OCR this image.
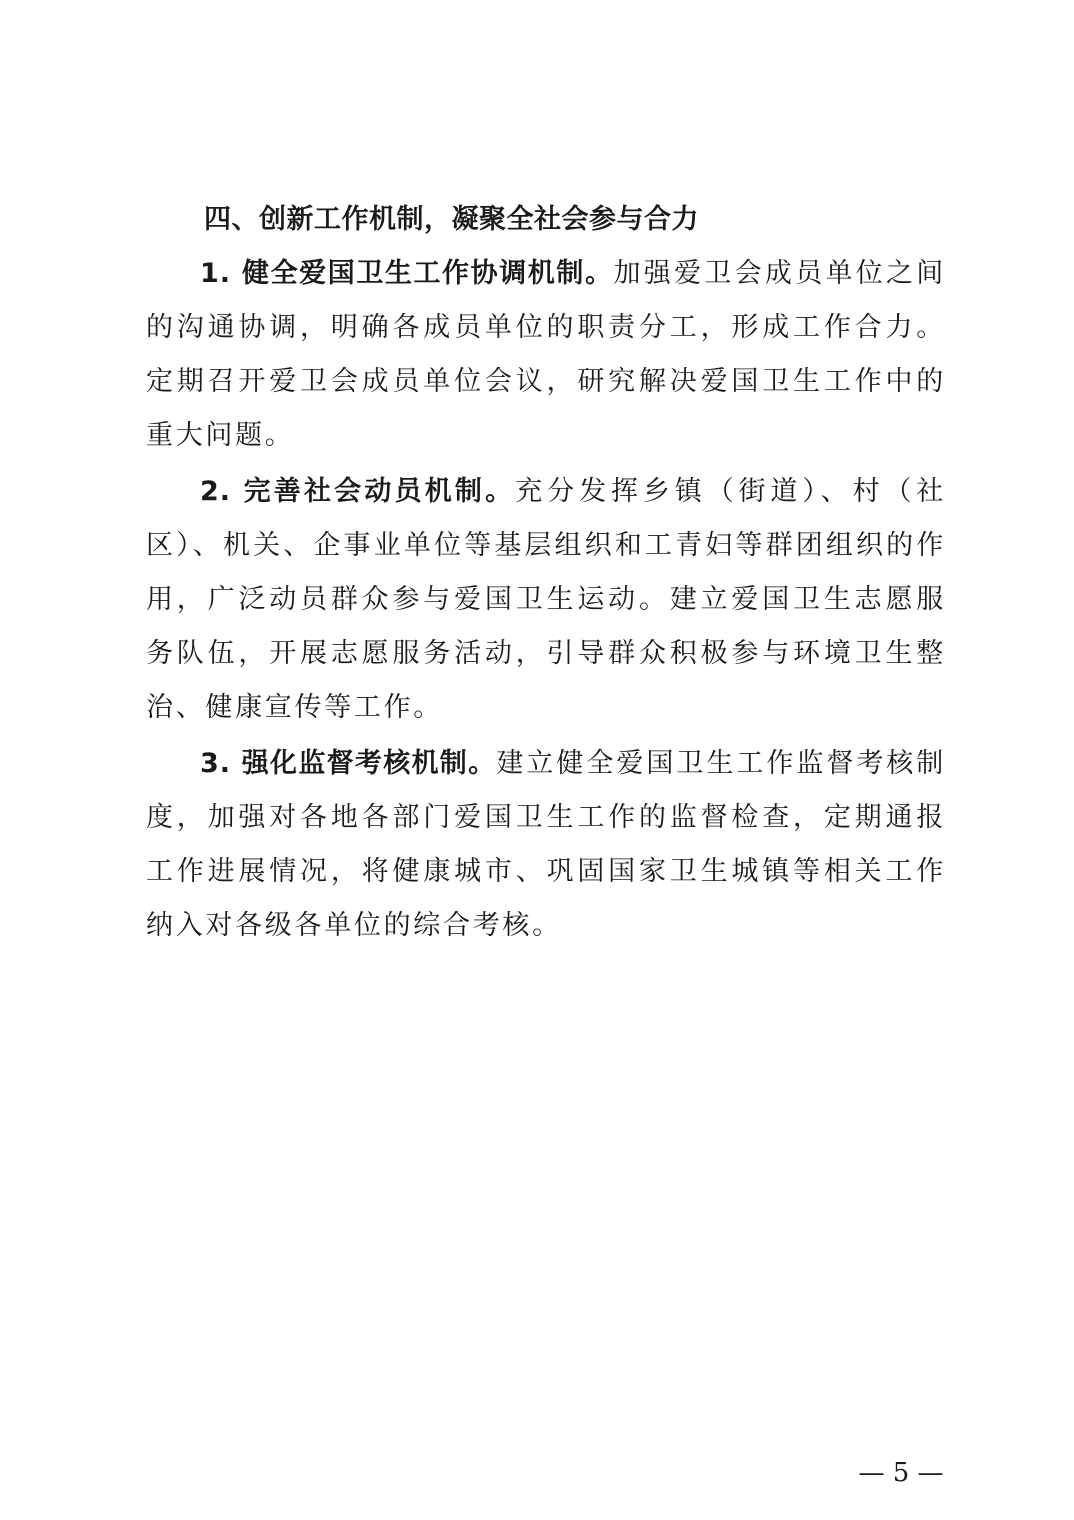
四、创新工作机制，凝聚全社会参与合力

1. 健全爱国卫生工作协调机制。加强爱卫会成员单位之间的沟通协调，明确各成员单位的职责分工，形成工作合力。定期召开爱卫会成员单位会议，研究解决爱国卫生工作中的重大问题。

2. 完善社会动员机制。充分发挥乡镇（街道）、村（社区）、机关、企事业单位等基层组织和工青妇等群团组织的作用，广泛动员群众参与爱国卫生运动。建立爱国卫生志愿服务队伍，开展志愿服务活动，引导群众积极参与环境卫生整治、健康宣传等工作。

3. 强化监督考核机制。建立健全爱国卫生工作监督考核制度，加强对各地各部门爱国卫生工作的监督检查，定期通报工作进展情况，将健康城市、巩固国家卫生城镇等相关工作纳入对各级各单位的综合考核。

— 5 —
